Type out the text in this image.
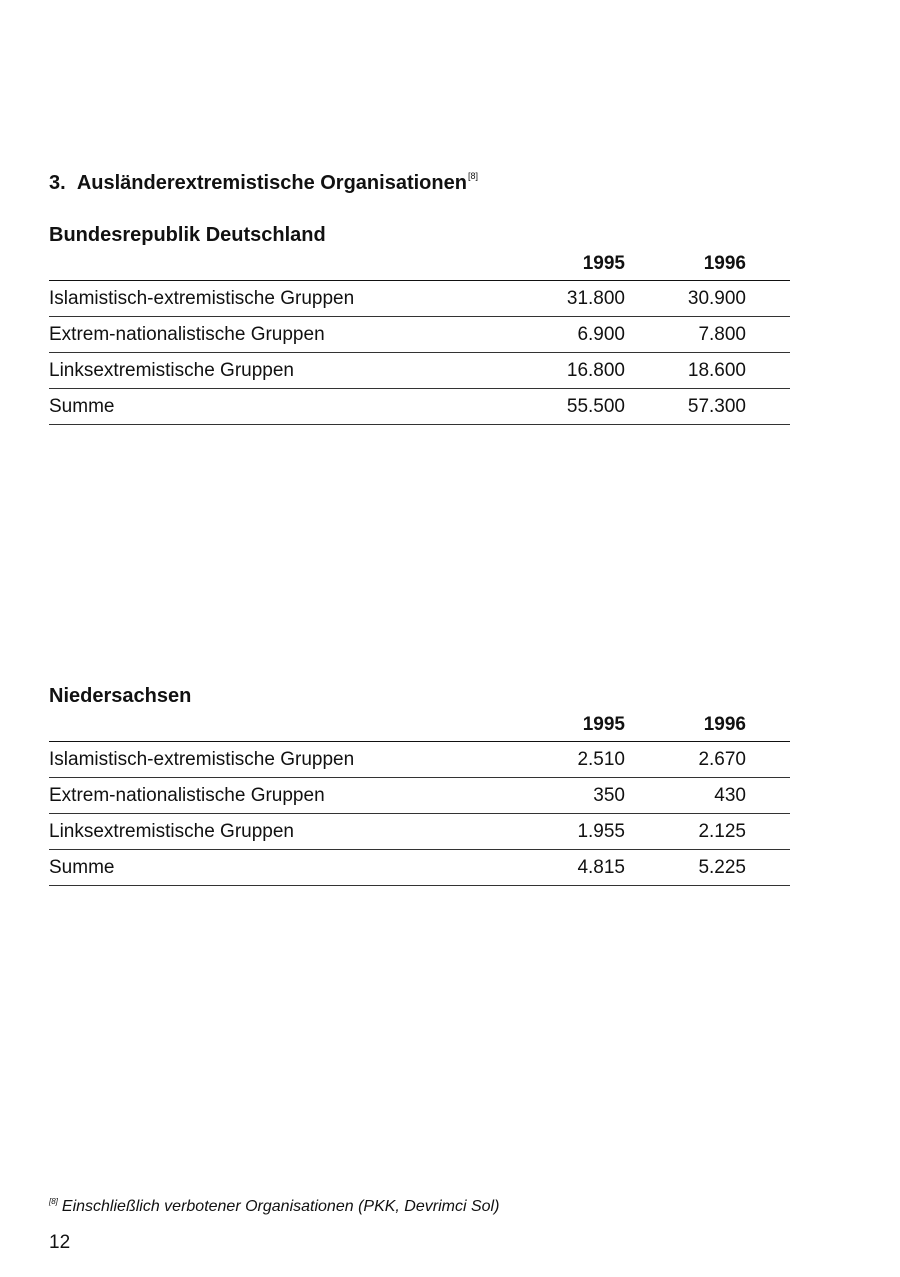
3. Ausländerextremistische Organisationen[8]
Bundesrepublik Deutschland
	1995	1996	
Islamistisch-extremistische Gruppen	31.800	30.900	
Extrem-nationalistische Gruppen	6.900	7.800	
Linksextremistische Gruppen	16.800	18.600	
Summe	55.500	57.300	
Niedersachsen
	1995	1996	
Islamistisch-extremistische Gruppen	2.510	2.670	
Extrem-nationalistische Gruppen	350	430	
Linksextremistische Gruppen	1.955	2.125	
Summe	4.815	5.225	
[8] Einschließlich verbotener Organisationen (PKK, Devrimci Sol)
12
